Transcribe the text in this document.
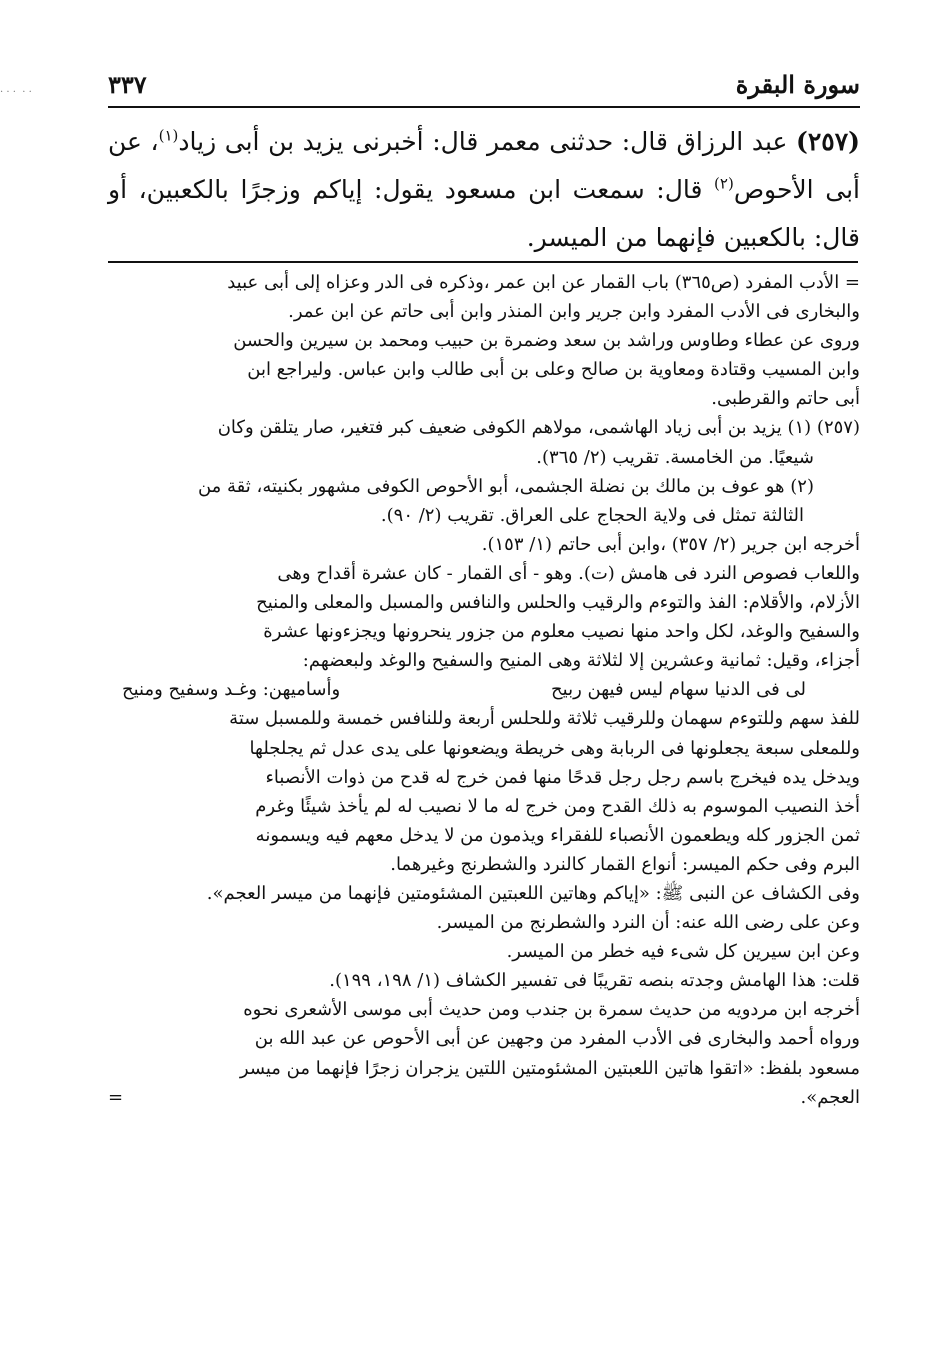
. . .  . .	سورة البقرة
٣٣٧
(٢٥٧) عبد الرزاق قال: حدثنى معمر قال: أخبرنى يزيد بن أبى زياد$^{(١)}$، عن أبى الأحوص$^{(٢)}$ قال: سمعت ابن مسعود يقول: إياكم وزجرًا بالكعبين، أو قال: بالكعبين فإنهما من الميسر.
= الأدب المفرد (ص٣٦٥) باب القمار عن ابن عمر ،وذكره فى الدر وعزاه إلى أبى عبيد
والبخارى فى الأدب المفرد وابن جرير وابن المنذر وابن أبى حاتم عن ابن عمر.
وروى عن عطاء وطاوس وراشد بن سعد وضمرة بن حبيب ومحمد بن سيرين والحسن
وابن المسيب وقتادة ومعاوية بن صالح وعلى بن أبى طالب وابن عباس. وليراجع ابن
أبى حاتم والقرطبى.
(٢٥٧) (١) يزيد بن أبى زياد الهاشمى، مولاهم الكوفى ضعيف كبر فتغير، صار يتلقن وكان
شيعيًا. من الخامسة. تقريب (٢/ ٣٦٥).
(٢) هو عوف بن مالك بن نضلة الجشمى، أبو الأحوص الكوفى مشهور بكنيته، ثقة من
الثالثة تمثل فى ولاية الحجاج على العراق. تقريب (٢/ ٩٠).
أخرجه ابن جرير (٢/ ٣٥٧) ،وابن أبى حاتم (١/ ١٥٣).
واللعاب فصوص النرد فى هامش (ت). وهو - أى القمار - كان عشرة أقداح وهى
الأزلام، والأقلام: الفذ والتوءم والرقيب والحلس والنافس والمسبل والمعلى والمنيح
والسفيح والوغد، لكل واحد منها نصيب معلوم من جزور ينحرونها ويجزءونها عشرة
أجزاء، وقيل: ثمانية وعشرين إلا لثلاثة وهى المنيح والسفيح والوغد ولبعضهم:
لى فى الدنيا سهام ليس فيهن ربيح
وأساميهن: وغـد وسفيح ومنيح
للفذ سهم وللتوءم سهمان وللرقيب ثلاثة وللحلس أربعة وللنافس خمسة وللمسبل ستة
وللمعلى سبعة يجعلونها فى الربابة وهى خريطة ويضعونها على يدى عدل ثم يجلجلها
ويدخل يده فيخرج باسم رجل رجل قدحًا منها فمن خرج له قدح من ذوات الأنصباء
أخذ النصيب الموسوم به ذلك القدح ومن خرج له ما لا نصيب له لم يأخذ شيئًا وغرم
ثمن الجزور كله ويطعمون الأنصباء للفقراء ويذمون من لا يدخل معهم فيه ويسمونه
البرم وفى حكم الميسر: أنواع القمار كالنرد والشطرنج وغيرهما.
وفى الكشاف عن النبى ﷺ: «إياكم وهاتين اللعبتين المشئومتين فإنهما من ميسر العجم».
وعن على رضى الله عنه: أن النرد والشطرنج من الميسر.
وعن ابن سيرين كل شىء فيه خطر من الميسر.
قلت: هذا الهامش وجدته بنصه تقريبًا فى تفسير الكشاف (١/ ١٩٨، ١٩٩).
أخرجه ابن مردويه من حديث سمرة بن جندب ومن حديث أبى موسى الأشعرى نحوه
ورواه أحمد والبخارى فى الأدب المفرد من وجهين عن أبى الأحوص عن عبد الله بن
مسعود بلفظ: «اتقوا هاتين اللعبتين المشئومتين اللتين يزجران زجرًا فإنهما من ميسر
العجم».
=
